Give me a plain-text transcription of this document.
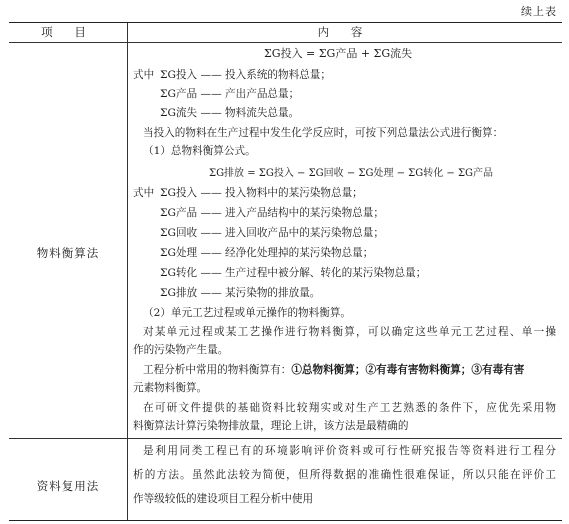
续上表
项 目	内 容
物料衡算法
ΣG投入 = ΣG产品 + ΣG流失
式中 ΣG投入 —— 投入系统的物料总量；
ΣG产品 —— 产出产品总量；
ΣG流失 —— 物料流失总量。
当投入的物料在生产过程中发生化学反应时，可按下列总量法公式进行衡算：
（1）总物料衡算公式。
ΣG排放 = ΣG投入 − ΣG回收 − ΣG处理 − ΣG转化 − ΣG产品
式中 ΣG投入 —— 投入物料中的某污染物总量；
ΣG产品 —— 进入产品结构中的某污染物总量；
ΣG回收 —— 进入回收产品中的某污染物总量；
ΣG处理 —— 经净化处理掉的某污染物总量；
ΣG转化 —— 生产过程中被分解、转化的某污染物总量；
ΣG排放 —— 某污染物的排放量。
（2）单元工艺过程或单元操作的物料衡算。
对某单元过程或某工艺操作进行物料衡算，可以确定这些单元工艺过程、单一操
作的污染物产生量。
工程分析中常用的物料衡算有：①总物料衡算；②有毒有害物料衡算；③有毒有害
元素物料衡算。
在可研文件提供的基础资料比较翔实或对生产工艺熟悉的条件下，应优先采用物
料衡算法计算污染物排放量，理论上讲，该方法是最精确的
资料复用法
是利用同类工程已有的环境影响评价资料或可行性研究报告等资料进行工程分
析的方法。虽然此法较为简便，但所得数据的准确性很难保证，所以只能在评价工
作等级较低的建设项目工程分析中使用
